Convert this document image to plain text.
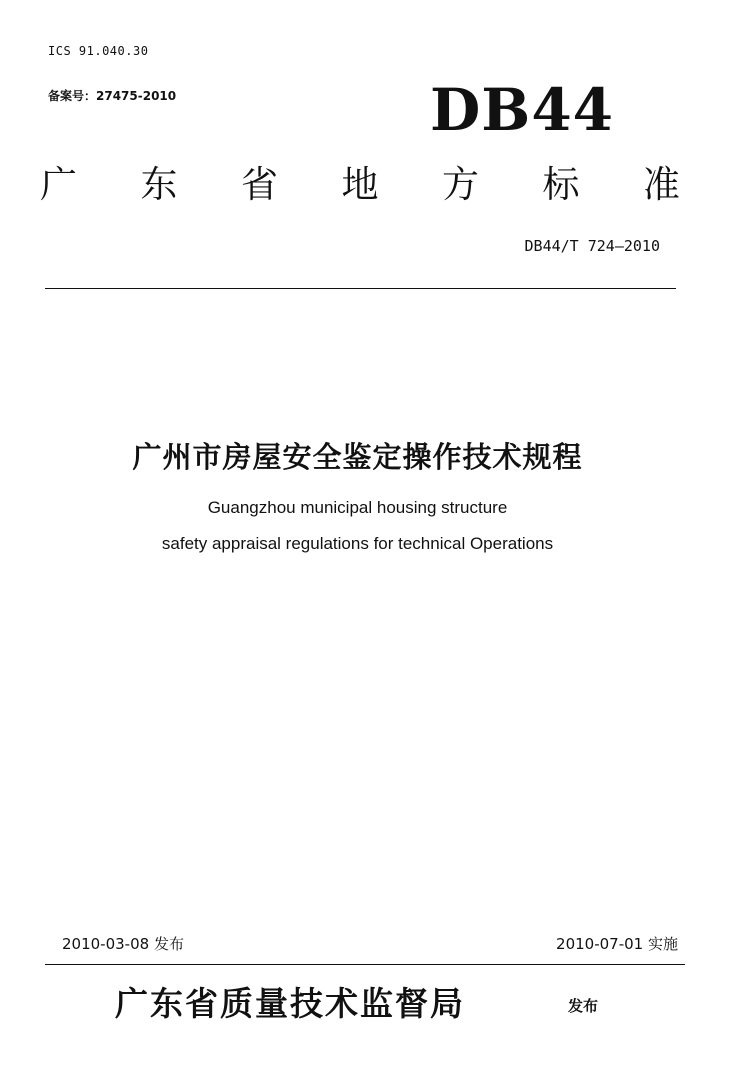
ICS 91.040.30
备案号：27475-2010	DB44
广 东 省 地 方 标 准
DB44/T 724—2010
广州市房屋安全鉴定操作技术规程
Guangzhou municipal housing structure
safety appraisal regulations for technical Operations
2010-03-08 发布	2010-07-01 实施
广东省质量技术监督局	发布
